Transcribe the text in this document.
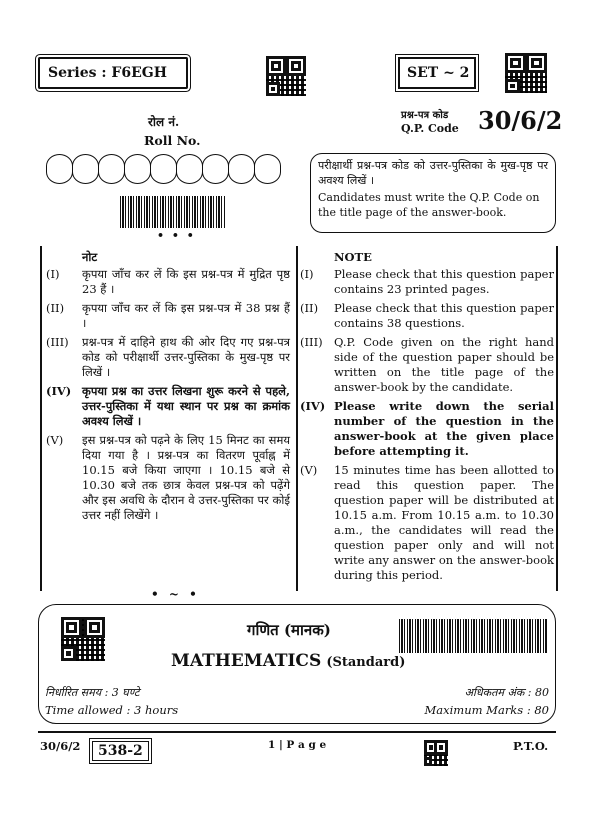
Series : F6EGH	SET ~ 2
रोल नं.
Roll No.
• • •
प्रश्न-पत्र कोड
Q.P. Code 30/6/2
परीक्षार्थी प्रश्न-पत्र कोड को उत्तर-पुस्तिका के मुख-पृष्ठ पर अवश्य लिखें ।
Candidates must write the Q.P. Code on the title page of the answer-book.
नोट
(I)	कृपया जाँच कर लें कि इस प्रश्न-पत्र में मुद्रित पृष्ठ 23 हैं ।
(II)	कृपया जाँच कर लें कि इस प्रश्न-पत्र में 38 प्रश्न हैं ।
(III)	प्रश्न-पत्र में दाहिने हाथ की ओर दिए गए प्रश्न-पत्र कोड को परीक्षार्थी उत्तर-पुस्तिका के मुख-पृष्ठ पर लिखें ।
(IV) कृपया प्रश्न का उत्तर लिखना शुरू करने से पहले, उत्तर-पुस्तिका में यथा स्थान पर प्रश्न का क्रमांक अवश्य लिखें ।
(V)	इस प्रश्न-पत्र को पढ़ने के लिए 15 मिनट का समय दिया गया है । प्रश्न-पत्र का वितरण पूर्वाह्न में 10.15 बजे किया जाएगा । 10.15 बजे से 10.30 बजे तक छात्र केवल प्रश्न-पत्र को पढ़ेंगे और इस अवधि के दौरान वे उत्तर-पुस्तिका पर कोई उत्तर नहीं लिखेंगे ।
NOTE
(I)	Please check that this question paper contains 23 printed pages.
(II)	Please check that this question paper contains 38 questions.
(III) Q.P. Code given on the right hand side of the question paper should be written on the title page of the answer-book by the candidate.
(IV) Please write down the serial number of the question in the answer-book at the given place before attempting it.
(V)	15 minutes time has been allotted to read this question paper. The question paper will be distributed at 10.15 a.m. From 10.15 a.m. to 10.30 a.m., the candidates will read the question paper only and will not write any answer on the answer-book during this period.
• ~ •
गणित (मानक)
MATHEMATICS (Standard)
निर्धारित समय : 3 घण्टे
Time allowed : 3 hours
अधिकतम अंक : 80
Maximum Marks : 80
30/6/2	538-2	1 | P a g e	P.T.O.
